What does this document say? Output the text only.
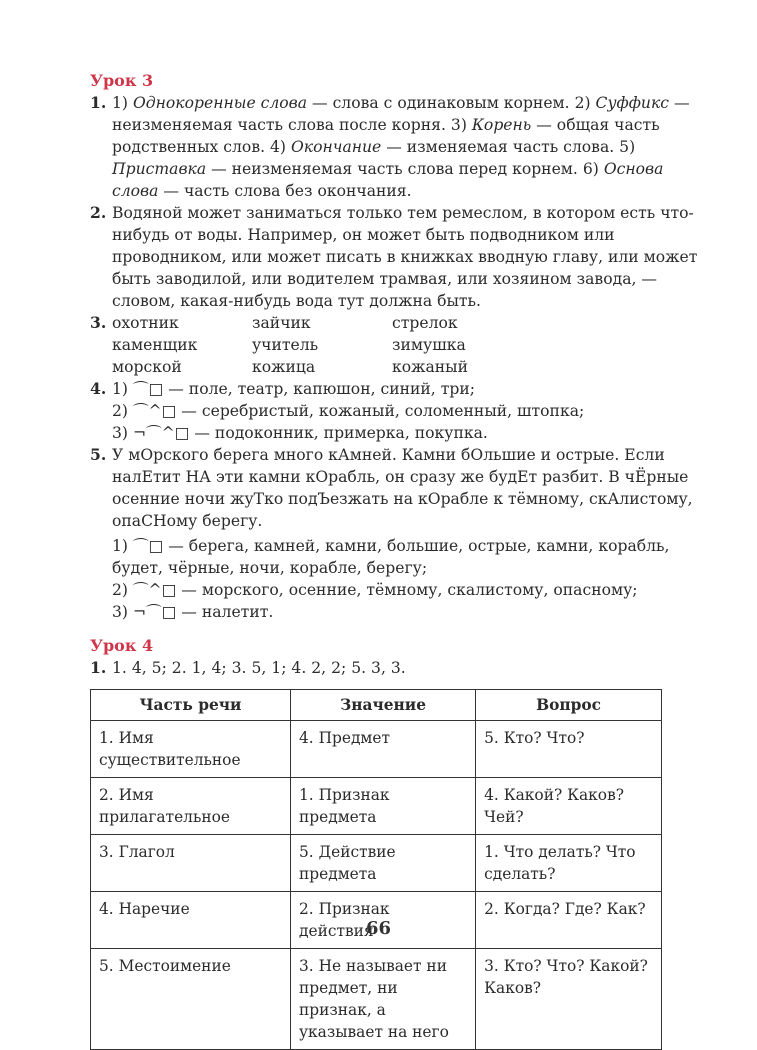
Урок 3

1. 1) Однокоренные слова — слова с одинаковым корнем. 2) Суффикс — неизменяемая часть слова после корня. 3) Корень — общая часть родственных слов. 4) Окончание — изменяемая часть слова. 5) Приставка — неизменяемая часть слова перед корнем. 6) Основа слова — часть слова без окончания.

2. Водяной может заниматься только тем ремеслом, в котором есть что-нибудь от воды. Например, он может быть подводником или проводником, или может писать в книжках вводную главу, или может быть заводилой, или водителем трамвая, или хозяином завода, — словом, какая-нибудь вода тут должна быть.

3. охотник	зайчик	стрелок
каменщик	учитель	зимушка
морской	кожица	кожаный
4. 1) ⌒□ — поле, театр, капюшон, синий, три;
2) ⌒^□ — серебристый, кожаный, соломенный, штопка;
3) ¬⌒^□ — подоконник, примерка, покупка.
5. У мОрского берега много кАмней. Камни бОльшие и острые. Если налЕтит НА эти камни кОрабль, он сразу же будЕт разбит. В чЁрные осенние ночи жуТко подЪезжать на кОрабле к тёмному, скАлистому, опаСНому берегу.
1) ⌒□ — берега, камней, камни, большие, острые, камни, корабль, будет, чёрные, ночи, корабле, берегу;
2) ⌒^□ — морского, осенние, тёмному, скалистому, опасному;
3) ¬⌒□ — налетит.

Урок 4

1. 1. 4, 5; 2. 1, 4; 3. 5, 1; 4. 2, 2; 5. 3, 3.

Часть речи	Значение	Вопрос
1. Имя существительное	4. Предмет	5. Кто? Что?
2. Имя прилагательное	1. Признак предмета	4. Какой? Каков? Чей?
3. Глагол	5. Действие предмета	1. Что делать? Что сделать?
4. Наречие	2. Признак действия	2. Когда? Где? Как?
5. Местоимение	3. Не называет ни предмет, ни признак, а указывает на него	3. Кто? Что? Какой? Каков?
66
